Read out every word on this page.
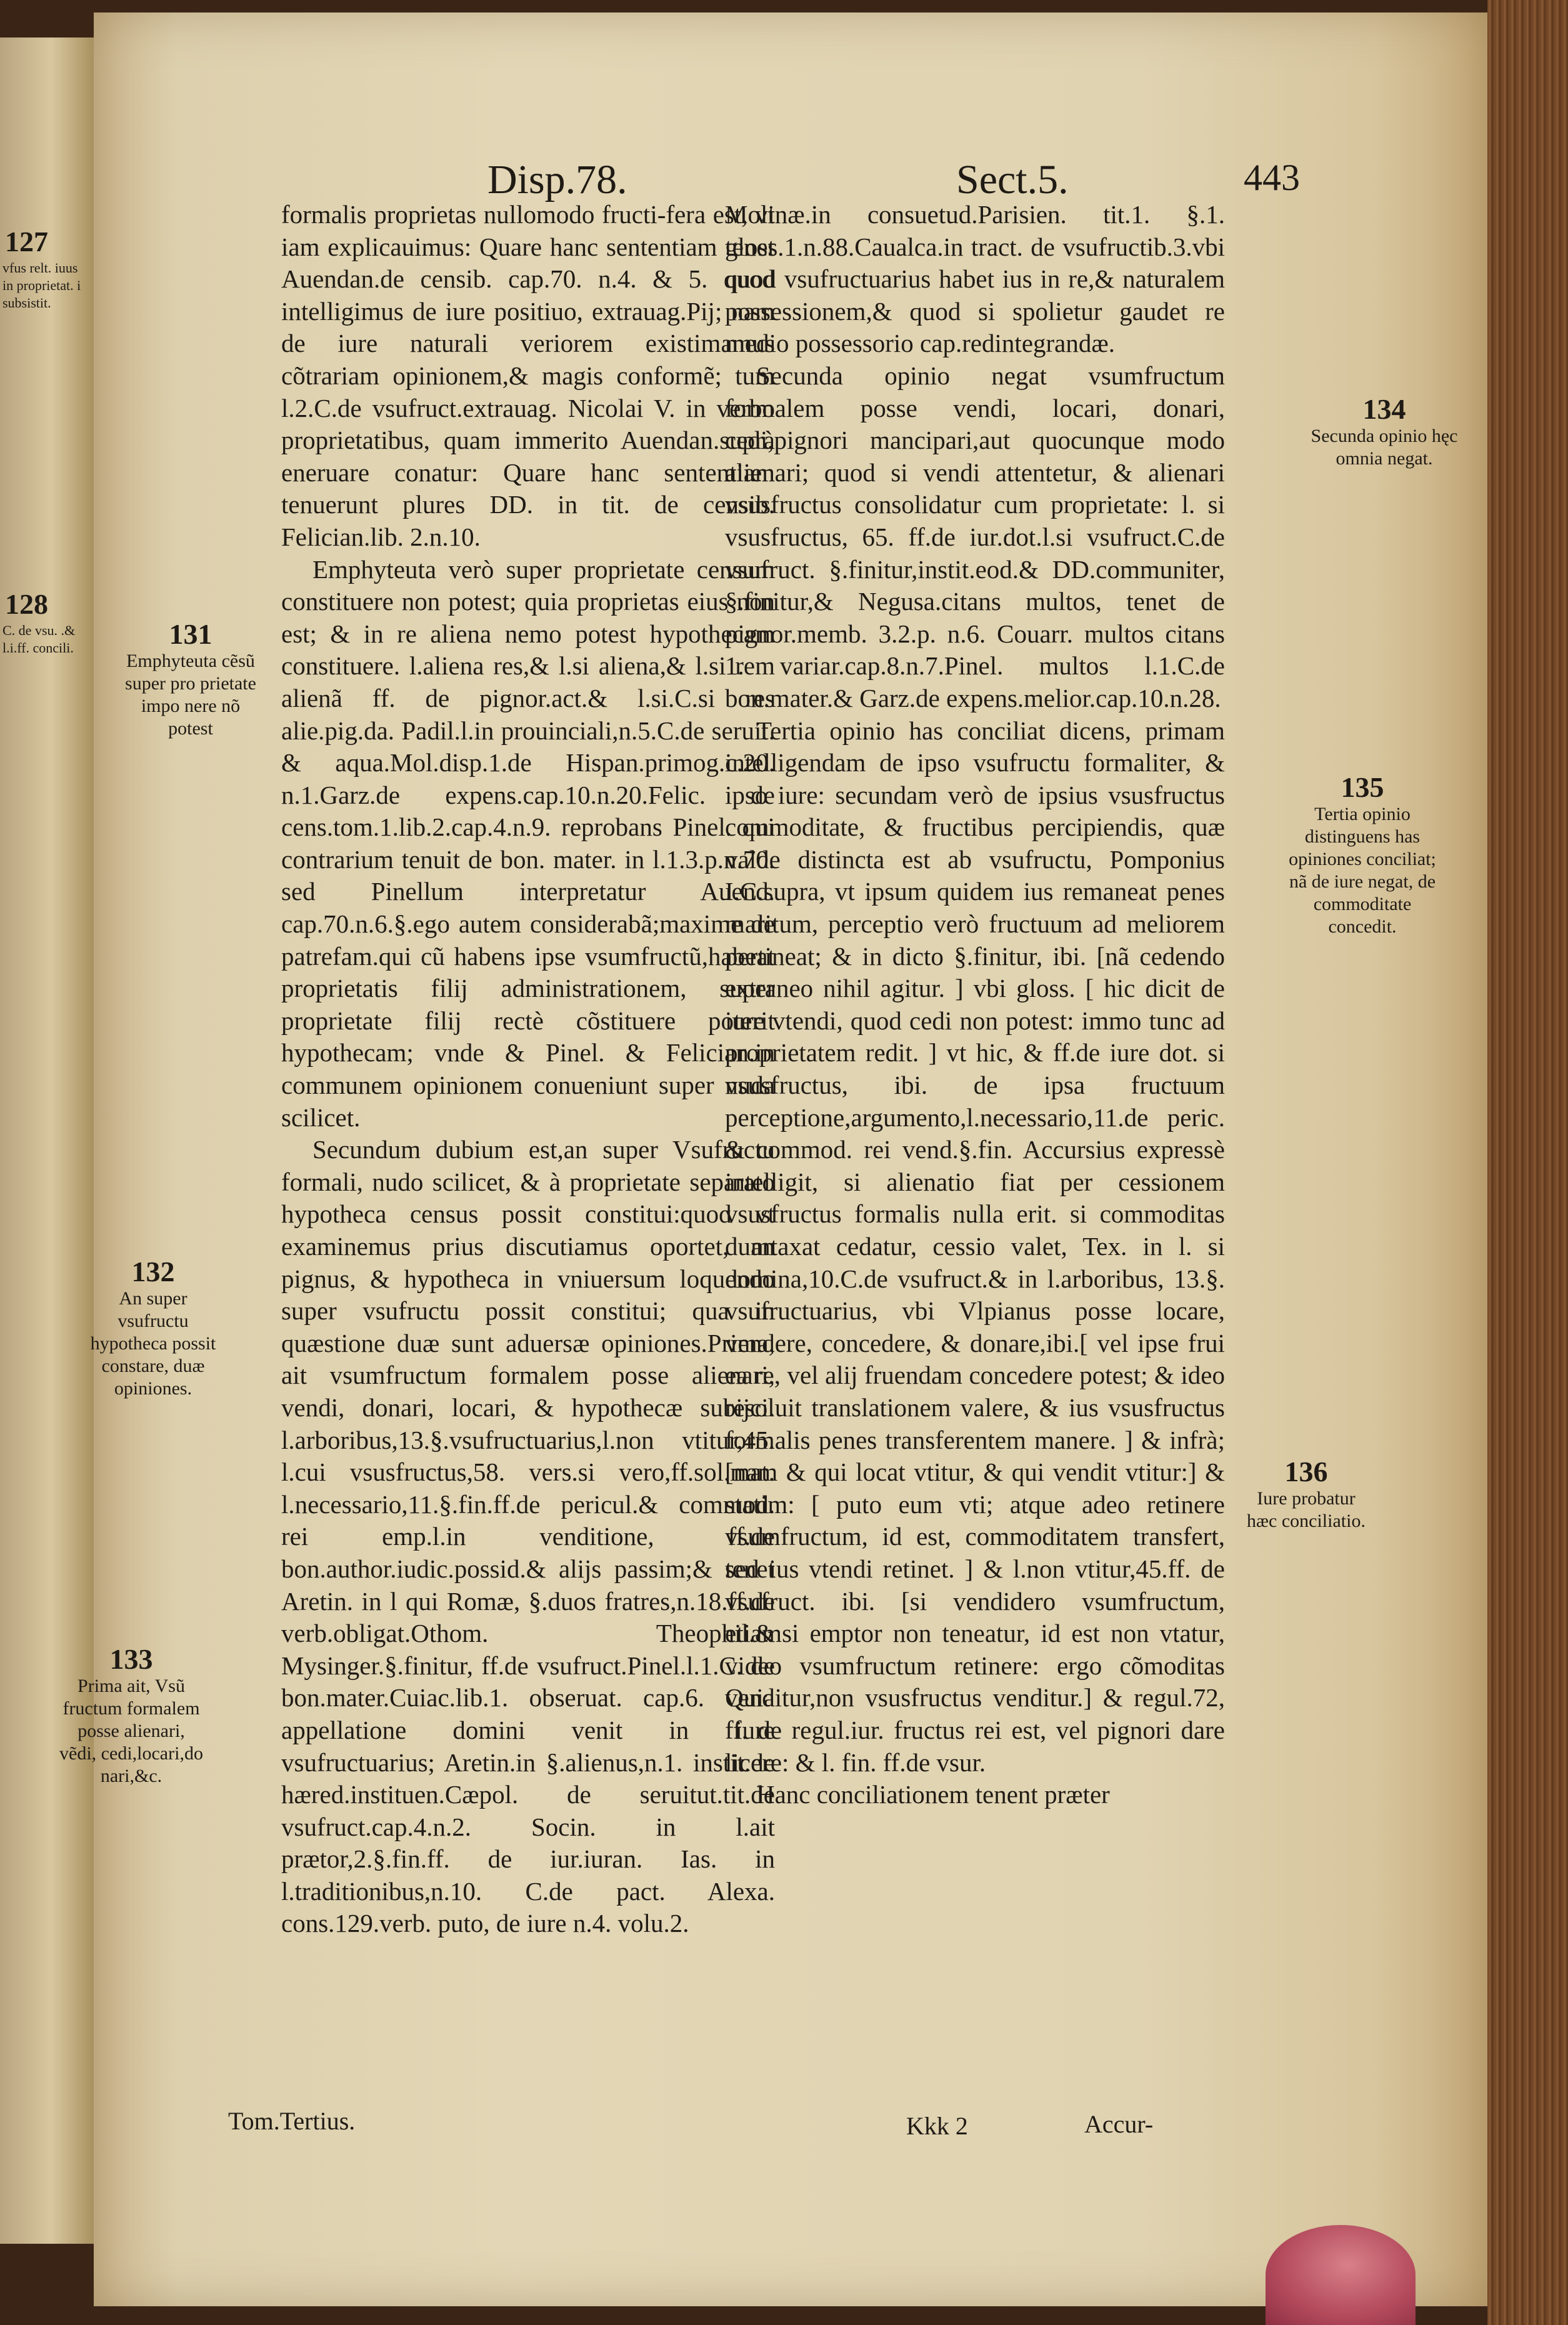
127
vfus relt. iuus in proprietat. i subsistit.
128
C. de vsu. .& l.i.ff. concili.
Disp.78.	Sect.5.	443

formalis proprietas nullomodo fructi-fera est, vt iam explicauimus: Quare hanc sententiam tenet Auendan.de censib. cap.70. n.4. & 5. quod intelligimus de iure positiuo, extrauag.Pij; nam de iure naturali veriorem existimamus cõtrariam opinionem,& magis conformẽ; tum l.2.C.de vsufruct.extrauag. Nicolai V. in verbo proprietatibus, quam immerito Auendan.suprà eneruare conatur: Quare hanc sententiam tenuerunt plures DD. in tit. de censib. Felician.lib. 2.n.10.

Emphyteuta verò super proprietate censum constituere non potest; quia proprietas eius non est; & in re aliena nemo potest hypothecam constituere. l.aliena res,& l.si aliena,& l.si rem alienã ff. de pignor.act.& l.si.C.si res alie.pig.da. Padil.l.in prouinciali,n.5.C.de seruit. & aqua.Mol.disp.1.de Hispan.primog.c.20. n.1.Garz.de expens.cap.10.n.20.Felic. de cens.tom.1.lib.2.cap.4.n.9. reprobans Pinel. qui contrarium tenuit de bon. mater. in l.1.3.p.n.70. sed Pinellum interpretatur Auend. cap.70.n.6.§.ego autem considerabã;maxime de patrefam.qui cũ habens ipse vsumfructũ,habeat proprietatis filij administrationem, super proprietate filij rectè cõstituere poterit hypothecam; vnde & Pinel. & Felician.in communem opinionem conueniunt super nuda scilicet.

Secundum dubium est,an super Vsufructu formali, nudo scilicet, & à proprietate separato hypotheca census possit constitui:quod vt examinemus prius discutiamus oportet, an pignus, & hypotheca in vniuersum loquendo super vsufructu possit constitui; qua in quæstione duæ sunt aduersæ opiniones.Prima, ait vsumfructum formalem posse alienari, vendi, donari, locari, & hypothecæ subijci. l.arboribus,13.§.vsufructuarius,l.non vtitur,45. l.cui vsusfructus,58. vers.si vero,ff.sol.mat. l.necessario,11.§.fin.ff.de pericul.& commod. rei emp.l.in venditione, ff.de bon.author.iudic.possid.& alijs passim;& tenet Aretin. in l qui Romæ, §.duos fratres,n.18.ff.de verb.obligat.Othom. Theophil.& Mysinger.§.finitur, ff.de vsufruct.Pinel.l.1.C. de bon.mater.Cuiac.lib.1. obseruat. cap.6. Quia appellatione domini venit in iure vsufructuarius; Aretin.in §.alienus,n.1. instit.de hæred.instituen.Cæpol. de seruitut.tit.de vsufruct.cap.4.n.2. Socin. in l.ait prætor,2.§.fin.ff. de iur.iuran. Ias. in l.traditionibus,n.10. C.de pact. Alexa. cons.129.verb. puto, de iure n.4. volu.2.

Molinæ.in consuetud.Parisien. tit.1. §.1. gloss.1.n.88.Caualca.in tract. de vsufructib.3.vbi quod vsufructuarius habet ius in re,& naturalem possessionem,& quod si spolietur gaudet re medio possessorio cap.redintegrandæ.

Secunda opinio negat vsumfructum formalem posse vendi, locari, donari, cedi,pignori mancipari,aut quocunque modo alienari; quod si vendi attentetur, & alienari vsusfructus consolidatur cum proprietate: l. si vsusfructus, 65. ff.de iur.dot.l.si vsufruct.C.de vsufruct. §.finitur,instit.eod.& DD.communiter, §.finitur,& Negusa.citans multos, tenet de pignor.memb. 3.2.p. n.6. Couarr. multos citans 1. variar.cap.8.n.7.Pinel. multos l.1.C.de bon.mater.& Garz.de expens.melior.cap.10.n.28.

Tertia opinio has conciliat dicens, primam intelligendam de ipso vsufructu formaliter, & ipso iure: secundam verò de ipsius vsusfructus commoditate, & fructibus percipiendis, quæ valde distincta est ab vsufructu, Pomponius I.C.supra, vt ipsum quidem ius remaneat penes maritum, perceptio verò fructuum ad meliorem pertineat; & in dicto §.finitur, ibi. [nã cedendo extraneo nihil agitur. ] vbi gloss. [ hic dicit de iure vtendi, quod cedi non potest: immo tunc ad proprietatem redit. ] vt hic, & ff.de iure dot. si vsusfructus, ibi. de ipsa fructuum perceptione,argumento,l.necessario,11.de peric. & commod. rei vend.§.fin. Accursius expressè intelligit, si alienatio fiat per cessionem vsusfructus formalis nulla erit. si commoditas dumtaxat cedatur, cessio valet, Tex. in l. si domina,10.C.de vsufruct.& in l.arboribus, 13.§. vsufructuarius, vbi Vlpianus posse locare, vendere, concedere, & donare,ibi.[ vel ipse frui ea re, vel alij fruendam concedere potest; & ideo resoluit translationem valere, & ius vsusfructus formalis penes transferentem manere. ] & infrà;[nam & qui locat vtitur, & qui vendit vtitur:] & statim: [ puto eum vti; atque adeo retinere vsumfructum, id est, commoditatem transfert, sed ius vtendi retinet. ] & l.non vtitur,45.ff. de vsufruct. ibi. [si vendidero vsumfructum, etiamsi emptor non teneatur, id est non vtatur, video vsumfructum retinere: ergo cõmoditas venditur,non vsusfructus venditur.] & regul.72, ff. de regul.iur. fructus rei est, vel pignori dare licere: & l. fin. ff.de vsur.

Hanc conciliationem tenent præter

131
Emphyteuta cẽsũ super pro prietate impo nere nõ potest
132
An super vsufructu hypotheca possit constare, duæ opiniones.
133
Prima ait, Vsũ fructum formalem posse alienari, vẽdi, cedi,locari,do nari,&c.
134
Secunda opinio hęc omnia negat.
135
Tertia opinio distinguens has opiniones conciliat; nã de iure negat, de commoditate concedit.
136
Iure probatur hæc conciliatio.
Tom.Tertius.	Kkk 2	Accur-
